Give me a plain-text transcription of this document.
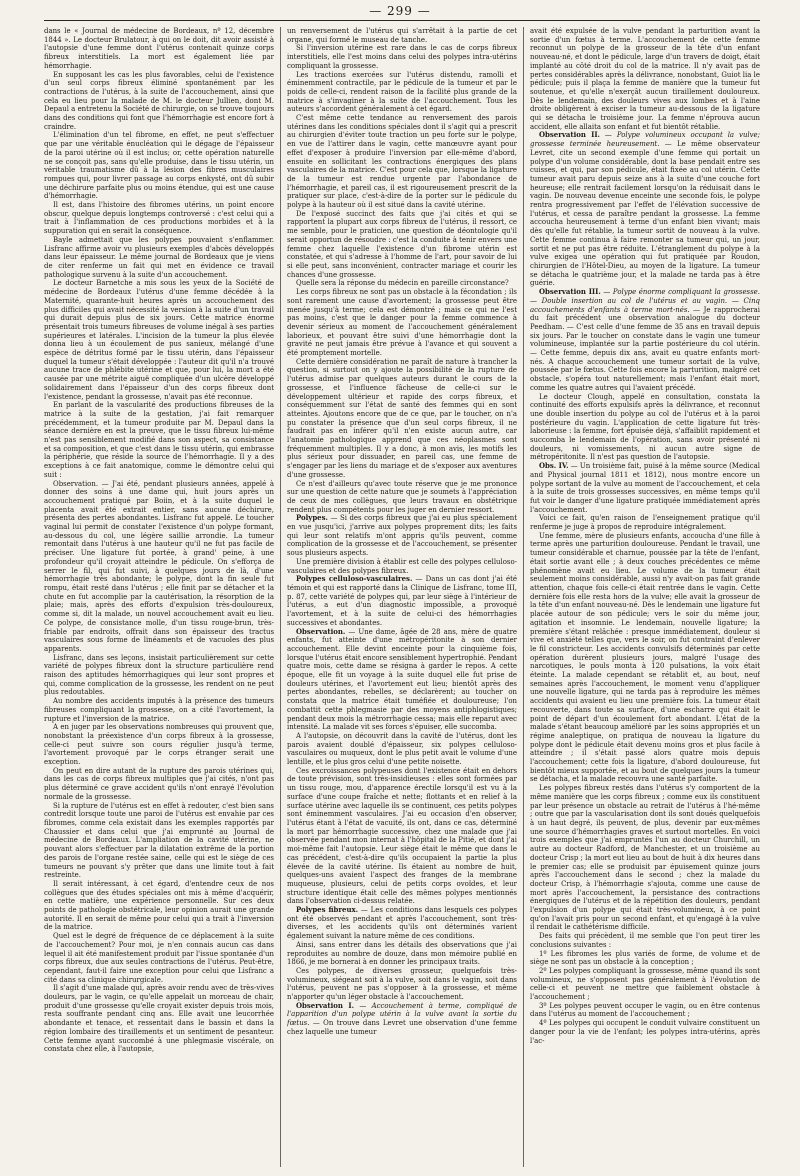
— 299 —

dans le « Journal de médecine de Bordeaux, nº 12, décembre 1844 ». Le docteur Brulatour, à qui on le doit, dit avoir assisté à l'autopsie d'une femme dont l'utérus contenait quinze corps fibreux interstitiels. La mort est également liée par hémorrhagie.

En supposant les cas les plus favorables, celui de l'existence d'un seul corps fibreux éliminé spontanément par les contractions de l'utérus, à la suite de l'accouchement, ainsi que cela eu lieu pour la malade de M. le docteur Jullien, dont M. Depaul a entretenu la Société de chirurgie, on se trouve toujours dans des conditions qui font que l'hémorrhagie est encore fort à craindre.

L'élimination d'un tel fibrome, en effet, ne peut s'effectuer que par une véritable énucléation qui le dégage de l'épaisseur de la paroi utérine où il est inclus; or, cette opération naturelle ne se conçoit pas, sans qu'elle produise, dans le tissu utérin, un véritable traumatisme dû à la lésion des fibres musculaires rompues qui, pour livrer passage au corps enkysté, ont dû subir une déchirure parfaite plus ou moins étendue, qui est une cause d'hémorrhagie.

Il est, dans l'histoire des fibromes utérins, un point encore obscur, quelque depuis longtemps controversé : c'est celui qui a trait à l'inflammation de ces productions morbides et à la suppuration qui en serait la conséquence.

Bayle admettait que les polypes pouvaient s'enflammer. Lisfranc affirme avoir vu plusieurs exemples d'abcès développés dans leur épaisseur. Le même journal de Bordeaux que je viens de citer renferme un fait qui met en évidence ce travail pathologique survenu à la suite d'un accouchement.

Le docteur Barnetche a mis sous les yeux de la Société de médecine de Bordeaux l'utérus d'une femme décédée à la Maternité, quarante-huit heures après un accouchement des plus difficiles qui avait nécessité la version à la suite d'un travail qui durait depuis plus de six jours. Cette matrice énorme présentait trois tumeurs fibreuses de volume inégal à ses parties supérieures et latérales. L'incision de la tumeur la plus élevée donna lieu à un écoulement de pus sanieux, mélangé d'une espèce de détritus formé par le tissu utérin, dans l'épaisseur duquel la tumeur s'était développée : l'auteur dit qu'il n'a trouvé aucune trace de phlébite utérine et que, pour lui, la mort a été causée par une métrite aiguë compliquée d'un ulcère développé solidairement dans l'épaisseur d'un des corps fibreux dont l'existence, pendant la grossesse, n'avait pas été reconnue.

En parlant de la vascularité des productions fibreuses de la matrice à la suite de la gestation, j'ai fait remarquer précédemment, et la tumeur produite par M. Depaul dans la séance dernière en est la preuve, que le tissu fibreux lui-même n'est pas sensiblement modifié dans son aspect, sa consistance et sa composition, et que c'est dans le tissu utérin, qui embrasse la périphérie, que réside la source de l'hémorrhagie. Il y a des exceptions à ce fait anatomique, comme le démontre celui qui suit :

Observation. — J'ai été, pendant plusieurs années, appelé à donner des soins à une dame qui, huit jours après un accouchement pratiqué par Boiin, et à la suite duquel le placenta avait été extrait entier, sans aucune déchirure, présenta des pertes abondantes. Lisfranc fut appelé. Le toucher vaginal lui permit de constater l'existence d'un polype formant, au-dessous du col, une légère saillie arrondie. La tumeur remontait dans l'utérus à une hauteur qu'il ne fut pas facile de préciser. Une ligature fut portée, à grand' peine, à une profondeur qu'il croyait atteindre le pédicule. On s'efforça de serrer le fil, qui fut suivi, à quelques jours de là, d'une hémorrhagie très abondante; le polype, dont la fin seule fut rompu, était resté dans l'utérus ; elle finit par se détacher et la chute en fut accomplie par la cautérisation, la résorption de la plaie; mais, après des efforts d'expulsion très-douloureux, comme si, dit la malade, un nouvel accouchement avait eu lieu. Ce polype, de consistance molle, d'un tissu rouge-brun, très-friable par endroits, offrait dans son épaisseur des tractus vasculaires sous forme de linéaments et de vacuoles des plus apparents.

Lisfranc, dans ses leçons, insistait particulièrement sur cette variété de polypes fibreux dont la structure particulière rend raison des aptitudes hémorrhagiques qui leur sont propres et qui, comme complication de la grossesse, les rendent on ne peut plus redoutables.

Au nombre des accidents imputés à la présence des tumeurs fibreuses compliquant la grossesse, on a cité l'avortement, la rupture et l'inversion de la matrice.

A en juger par les observations nombreuses qui prouvent que, nonobstant la préexistence d'un corps fibreux à la grossesse, celle-ci peut suivre son cours régulier jusqu'à terme, l'avortement provoqué par le corps étranger serait une exception.

On peut en dire autant de la rupture des parois utérines qui, dans les cas de corps fibreux multiples que j'ai cités, n'ont pas plus déterminé ce grave accident qu'ils n'ont enrayé l'évolution normale de la grossesse.

Si la rupture de l'utérus est en effet à redouter, c'est bien sans contredit lorsque toute une paroi de l'utérus est envahie par ces fibromes, comme cela existait dans les exemples rapportés par Chaussier et dans celui que j'ai emprunté au Journal de médecine de Bordeaux. L'ampliation de la cavité utérine, ne pouvant alors s'effectuer par la dilatation extrême de la portion des parois de l'organe restée saine, celle qui est le siège de ces tumeurs ne pouvant s'y prêter que dans une limite tout à fait restreinte.

Il serait intéressant, à cet égard, d'entendre ceux de nos collègues que des études spéciales ont mis à même d'acquérir, en cette matière, une expérience personnelle. Sur ces deux points de pathologie obstétricale, leur opinion aurait une grande autorité. Il en serait de même pour celui qui a trait à l'inversion de la matrice.

Quel est le degré de fréquence de ce déplacement à la suite de l'accouchement? Pour moi, je n'en connais aucun cas dans lequel il ait été manifestement produit par l'issue spontanée d'un corps fibreux, due aux seules contractions de l'utérus. Peut-être, cependant, faut-il faire une exception pour celui que Lisfranc a cité dans sa clinique chirurgicale.

Il s'agit d'une malade qui, après avoir rendu avec de très-vives douleurs, par le vagin, ce qu'elle appelait un morceau de chair, produit d'une grossesse qu'elle croyait exister depuis trois mois, resta souffrante pendant cinq ans. Elle avait une leucorrhée abondante et tenace, et ressentait dans le bassin et dans la région lombaire des tiraillements et un sentiment de pesanteur. Cette femme ayant succombé à une phlegmasie viscérale, on constata chez elle, à l'autopsie,

un renversement de l'utérus qui s'arrêtait à la partie de cet organe, qui formé le museau de tanche.

Si l'inversion utérine est rare dans le cas de corps fibreux interstitiels, elle l'est moins dans celui des polypes intra-utérins compliquant la grossesse.

Les tractions exercées sur l'utérus distendu, ramolli et éminemment contractile, par le pédicule de la tumeur et par le poids de celle-ci, rendent raison de la facilité plus grande de la matrice à s'invaginer à la suite de l'accouchement. Tous les auteurs s'accordent généralement à cet égard.

C'est même cette tendance au renversement des parois utérines dans les conditions spéciales dont il s'agit qui a prescrit au chirurgien d'éviter toute traction un peu forte sur le polype, en vue de l'attirer dans le vagin, cette manœuvre ayant pour effet d'exposer à produire l'inversion par elle-même d'abord, ensuite en sollicitant les contractions énergiques des plans vasculaires de la matrice. C'est pour cela que, lorsque la ligature de la tumeur est rendue urgente par l'abondance de l'hémorrhagie, et pareil cas, il est rigoureusement prescrit de la pratiquer sur place, c'est-à-dire de la porter sur le pédicule du polype à la hauteur où il est situé dans la cavité utérine.

De l'exposé succinct des faits que j'ai cités et qui se rapportent la plupart aux corps fibreux de l'utérus, il ressort, ce me semble, pour le praticien, une question de déontologie qu'il serait opportun de résoudre : c'est la conduite à tenir envers une femme chez laquelle l'existence d'un fibrome utérin est constatée, et qui s'adresse à l'homme de l'art, pour savoir de lui si elle peut, sans inconvénient, contracter mariage et courir les chances d'une grossesse.

Quelle sera la réponse du médecin en pareille circonstance?

Les corps fibreux ne sont pas un obstacle à la fécondation ; ils sont rarement une cause d'avortement; la grossesse peut être menée jusqu'à terme; cela est démontré ; mais ce qui ne l'est pas moins, c'est que le danger pour la femme commence à devenir sérieux au moment de l'accouchement généralement laborieux, et pouvant être suivi d'une hémorrhagie dont la gravité ne peut jamais être prévue à l'avance et qui souvent a été promptement mortelle.

Cette dernière considération ne paraît de nature à trancher la question, si surtout on y ajoute la possibilité de la rupture de l'utérus admise par quelques auteurs durant le cours de la grossesse, et l'influence fâcheuse de celle-ci sur le développement ultérieur et rapide des corps fibreux, et conséquemment sur l'état de santé des femmes qui en sont atteintes. Ajoutons encore que de ce que, par le toucher, on n'a pu constater la présence que d'un seul corps fibreux, il ne faudrait pas en inférer qu'il n'en existe aucun autre, car l'anatomie pathologique apprend que ces néoplasmes sont fréquemment multiples. Il y a donc, à mon avis, les motifs les plus sérieux pour dissuader, en pareil cas, une femme de s'engager par les liens du mariage et de s'exposer aux aventures d'une grossesse.

Ce n'est d'ailleurs qu'avec toute réserve que je me prononce sur une question de cette nature que je soumets à l'appréciation de ceux de mes collègues, que leurs travaux en obstétrique rendent plus compétents pour les juger en dernier ressort.

Polypes. — Si des corps fibreux que j'ai eu plus spécialement en vue jusqu'ici, j'arrive aux polypes proprement dits; les faits qui leur sont relatifs m'ont appris qu'ils peuvent, comme complication de la grossesse et de l'accouchement, se présenter sous plusieurs aspects.

Une première division à établir est celle des polypes celluloso-vasculaires et des polypes fibreux.

Polypes celluloso-vasculaires. — Dans un cas dont j'ai été témoin et qui est rapporté dans la Clinique de Lisfranc, tome III, p. 87, cette variété de polypes qui, par leur siège à l'intérieur de l'utérus, a eut d'un diagnostic impossible, a provoqué l'avortement, et à la suite de celui-ci des hémorrhagies successives et abondantes.

Observation. — Une dame, âgée de 28 ans, mère de quatre enfants, fut atteinte d'une métropéritonite à son dernier accouchement. Elle devint enceinte pour la cinquième fois, lorsque l'utérus était encore sensiblement hypertrophié. Pendant quatre mois, cette dame se résigna à garder le repos. A cette époque, elle fit un voyage à la suite duquel elle fut prise de douleurs utérines, et l'avortement eut lieu; bientôt après des pertes abondantes, rebelles, se déclarèrent; au toucher on constata que la matrice était tuméfiée et douloureuse; l'on combattit cette phlegmasie par des moyens antiphlogistiques; pendant deux mois la métrorrhagie cessa; mais elle reparut avec intensité. La malade vit ses forces s'épuiser, elle succomba.

A l'autopsie, on découvrit dans la cavité de l'utérus, dont les parois avaient doublé d'épaisseur, six polypes celluloso-vasculaires ou muqueux, dont le plus petit avait le volume d'une lentille, et le plus gros celui d'une petite noisette.

Ces excroissances polypeuses dont l'existence était en dehors de toute prévision, sont très-insidieuses : elles sont formées par un tissu rouge, mou, d'apparence érectile lorsqu'il est vu à la surface d'une coupe fraîche et nette; flottants et en relief à la surface utérine avec laquelle ils se continuent, ces petits polypes sont éminemment vasculaires. J'ai eu occasion d'en observer, l'utérus étant à l'état de vacuité, ils ont, dans ce cas, déterminé la mort par hémorrhagie successive, chez une malade que j'ai observée pendant mon internat à l'hôpital de la Pitié, et dont j'ai moi-même fait l'autopsie. Leur siège était le même que dans le cas précédent, c'est-à-dire qu'ils occupaient la partie la plus élevée de la cavité utérine. Ils étaient au nombre de huit, quelques-uns avaient l'aspect des franges de la membrane muqueuse, plusieurs, celui de petits corps ovoïdes, et leur structure identique était celle des mêmes polypes mentionnés dans l'observation ci-dessus relatée.

Polypes fibreux. — Les conditions dans lesquels ces polypes ont été observés pendant et après l'accouchement, sont très-diverses, et les accidents qu'ils ont déterminés varient également suivant la nature même de ces conditions.

Ainsi, sans entrer dans les détails des observations que j'ai reproduites au nombre de douze, dans mon mémoire publié en 1866, je me bornerai à en donner les principaux traits.

Ces polypes, de diverses grosseur, quelquefois très-volumineux, siégeant soit à la vulve, soit dans le vagin, soit dans l'utérus, peuvent ne pas s'opposer à la grossesse, et même n'apporter qu'un léger obstacle à l'accouchement.

Observation I. — Accouchement à terme, compliqué de l'apparition d'un polype utérin à la vulve avant la sortie du fœtus. — On trouve dans Levret une observation d'une femme chez laquelle une tumeur

avait été expulsée de la vulve pendant la parturition avant la sortie d'un fœtus à terme. L'accouchement de cette femme reconnut un polype de la grosseur de la tête d'un enfant nouveau-né, et dont le pédicule, large d'un travers de doigt, était implanté au côté droit du col de la matrice. Il n'y avait pas de pertes considérables après la délivrance, nonobstant, Guiot lia le pédicule; puis il plaça la femme de manière que la tumeur fut soutenue, et qu'elle n'exerçât aucun tiraillement douloureux. Dès le lendemain, des douleurs vives aux lombes et à l'aine droite obligèrent à exciser la tumeur au-dessous de la ligature qui se détacha le troisième jour. La femme n'éprouva aucun accident, elle allaita son enfant et fut bientôt rétablie.

Observation II. — Polype volumineux occupant la vulve; grossesse terminée heureusement. — Le même observateur Levret, cite un second exemple d'une femme qui portait un polype d'un volume considérable, dont la base pendait entre ses cuisses, et qui, par son pédicule, était fixée au col utérin. Cette tumeur avait paru depuis seize ans à la suite d'une couche fort heureuse; elle rentrait facilement lorsqu'on la réduisait dans le vagin. De nouveau devenue enceinte une seconde fois, le polype rentra progressivement par l'effet de l'élévation successive de l'utérus, et cessa de paraître pendant la grossesse. La femme accoucha heureusement à terme d'un enfant bien vivant; mais dès qu'elle fut rétablie, la tumeur sortit de nouveau à la vulve. Cette femme continua à faire remonter sa tumeur qui, un jour, sortit et ne put pas être réduite. L'étranglement du polype à la vulve exigea une opération qui fut pratiquée par Roudon, chirurgien de l'Hôtel-Dieu, au moyen de la ligature. La tumeur se détacha le quatrième jour, et la malade ne tarda pas à être guérie.

Observation III. — Polype énorme compliquant la grossesse. — Double insertion au col de l'utérus et au vagin. — Cinq accouchements d'enfants à terme mort-nés. — Je rapprocherai du fait précédent une observation analogue du docteur Peedham. — C'est celle d'une femme de 35 ans en travail depuis six jours. Par le toucher on constate dans le vagin une tumeur volumineuse, implantée sur la partie postérieure du col utérin. — Cette femme, depuis dix ans, avait eu quatre enfants mort-nés. A chaque accouchement une tumeur sortait de la vulve, poussée par le fœtus. Cette fois encore la parturition, malgré cet obstacle, s'opéra tout naturellement; mais l'enfant était mort, comme les quatre autres qui l'avaient précédé.

Le docteur Clough, appelé en consultation, constata la continuité des efforts expulsifs après la délivrance, et reconnut une double insertion du polype au col de l'utérus et à la paroi postérieure du vagin. L'application de cette ligature fut très-laborieuse : la femme, fort épuisée déjà, s'affaiblit rapidement et succomba le lendemain de l'opération, sans avoir présenté ni douleurs, ni vomissements, ni aucun autre signe de métropéritonite. Il n'est pas question de l'autopsie.

Obs. IV. — Un troisième fait, puisé à la même source (Medical and Physical journal 1811 et 1812), nous montre encore un polype sortant de la vulve au moment de l'accouchement, et cela à la suite de trois grossesses successives, en même temps qu'il fut voir le danger d'une ligature pratiquée immédiatement après l'accouchement.

Voici ce fait, qu'en raison de l'enseignement pratique qu'il renferme je juge à propos de reproduire intégralement.

Une femme, mère de plusieurs enfants, accoucha d'une fille à terme après une parturition douloureuse. Pendant le travail, une tumeur considérable et charnue, poussée par la tête de l'enfant, était sortie avant elle ; à deux couches précédentes ce même phénomène avait eu lieu. Le volume de la tumeur était seulement moins considérable, aussi n'y avait-on pas fait grande attention, chaque fois celle-ci était rentrée dans le vagin. Cette dernière fois elle resta hors de la vulve; elle avait la grosseur de la tête d'un enfant nouveau-né. Dès le lendemain une ligature fut placée autour de son pédicule; vers le soir du même jour, agitation et insomnie. Le lendemain, nouvelle ligature; la première s'étant relâchée : presque immédiatement, douleur si vive et anxiété telles que, vers le soir, on fut contraint d'enlever le fil constricteur. Les accidents convulsifs déterminés par cette opération durèrent plusieurs jours, malgré l'usage des narcotiques, le pouls monta à 120 pulsations, la voix était éteinte. La malade cependant se rétablit et, au bout, neuf semaines après l'accouchement, le moment venu d'appliquer une nouvelle ligature, qui ne tarda pas à reproduire les mêmes accidents qui avaient eu lieu une première fois. La tumeur était recouverte, dans toute sa surface, d'une escharre qui était le point de départ d'un écoulement fort abondant. L'état de la malade s'étant beaucoup amélioré par les soins appropriés et un régime analeptique, on pratiqua de nouveau la ligature du polype dont le pédicule était devenu moins gros et plus facile à atteindre ; il s'était passé alors quatre mois depuis l'accouchement; cette fois la ligature, d'abord douloureuse, fut bientôt mieux supportée, et au bout de quelques jours la tumeur se détacha, et la malade recouvra une santé parfaite.

Les polypes fibreux restés dans l'utérus s'y comportent de la même manière que les corps fibreux ; comme eux ils constituent par leur présence un obstacle au retrait de l'utérus à l'hé-même ; outre que par la vascularisation dont ils sont doués quelquefois à un haut degré, ils peuvent, de plus, devenir par eux-mêmes une source d'hémorrhagies graves et surtout mortelles. En voici trois exemples que j'ai empruntés l'un au docteur Churchill, un autre au docteur Radford, de Manchester, et un troisième au docteur Crisp ; la mort eut lieu au bout de huit à dix heures dans le premier cas; elle se produisit par épuisement quinze jours après l'accouchement dans le second ; chez la malade du docteur Crisp, à l'hémorrhagie s'ajouta, comme une cause de mort après l'accouchement, la persistance des contractions énergiques de l'utérus et de la répétition des douleurs, pendant l'expulsion d'un polype qui était très-volumineux, à ce point qu'on l'avait pris pour un second enfant, et qu'engagé à la vulve il rendait le cathétérisme difficile.

Des faits qui précèdent, il me semble que l'on peut tirer les conclusions suivantes :

1º Les fibromes les plus variés de forme, de volume et de siège ne sont pas un obstacle à la conception ;

2º Les polypes compliquant la grossesse, même quand ils sont volumineux, ne s'opposent pas généralement à l'évolution de celle-ci et peuvent ne mettre que faiblement obstacle à l'accouchement ;

3º Les polypes peuvent occuper le vagin, ou en être contenus dans l'utérus au moment de l'accouchement ;

4º Les polypes qui occupent le conduit vulvaire constituent un danger pour la vie de l'enfant; les polypes intra-utérins, après l'ac-
